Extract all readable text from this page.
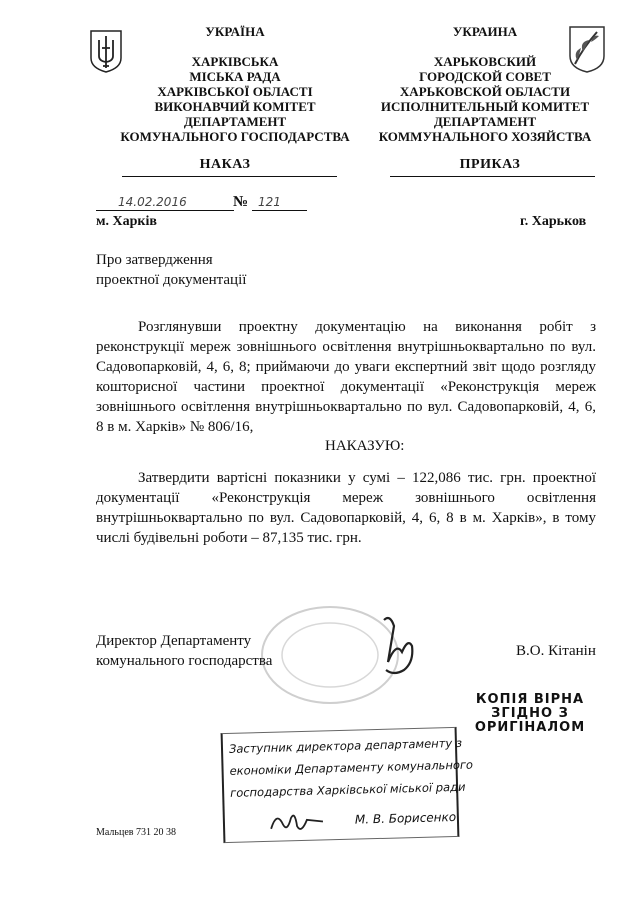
УКРАЇНА
ХАРКІВСЬКА
МІСЬКА РАДА
ХАРКІВСЬКОЇ ОБЛАСТІ
ВИКОНАВЧИЙ КОМІТЕТ
ДЕПАРТАМЕНТ
КОМУНАЛЬНОГО ГОСПОДАРСТВА
НАКАЗ
УКРАИНА
ХАРЬКОВСКИЙ
ГОРОДСКОЙ СОВЕТ
ХАРЬКОВСКОЙ ОБЛАСТИ
ИСПОЛНИТЕЛЬНЫЙ КОМИТЕТ
ДЕПАРТАМЕНТ
КОММУНАЛЬНОГО ХОЗЯЙСТВА
ПРИКАЗ
14.02.2016	№ 121
м. Харків	г. Харьков
Про затвердження
проектної документації
Розглянувши проектну документацію на виконання робіт з реконструкції мереж зовнішнього освітлення внутрішньоквартально по вул. Садовопарковій, 4, 6, 8; приймаючи до уваги експертний звіт щодо розгляду кошторисної частини проектної документації «Реконструкція мереж зовнішнього освітлення внутрішньоквартально по вул. Садовопарковій, 4, 6, 8 в м. Харків» № 806/16,
НАКАЗУЮ:
Затвердити вартісні показники у сумі – 122,086 тис. грн. проектної документації «Реконструкція мереж зовнішнього освітлення внутрішньоквартально по вул. Садовопарковій, 4, 6, 8 в м. Харків», в тому числі будівельні роботи – 87,135 тис. грн.
Директор Департаменту
комунального господарства
В.О. Кітанін
КОПІЯ ВІРНА
ЗГІДНО З
ОРИГІНАЛОМ
Заступник директора департаменту з
економіки Департаменту комунального
господарства Харківської міської ради
М. В. Борисенко
Мальцев 731 20 38
